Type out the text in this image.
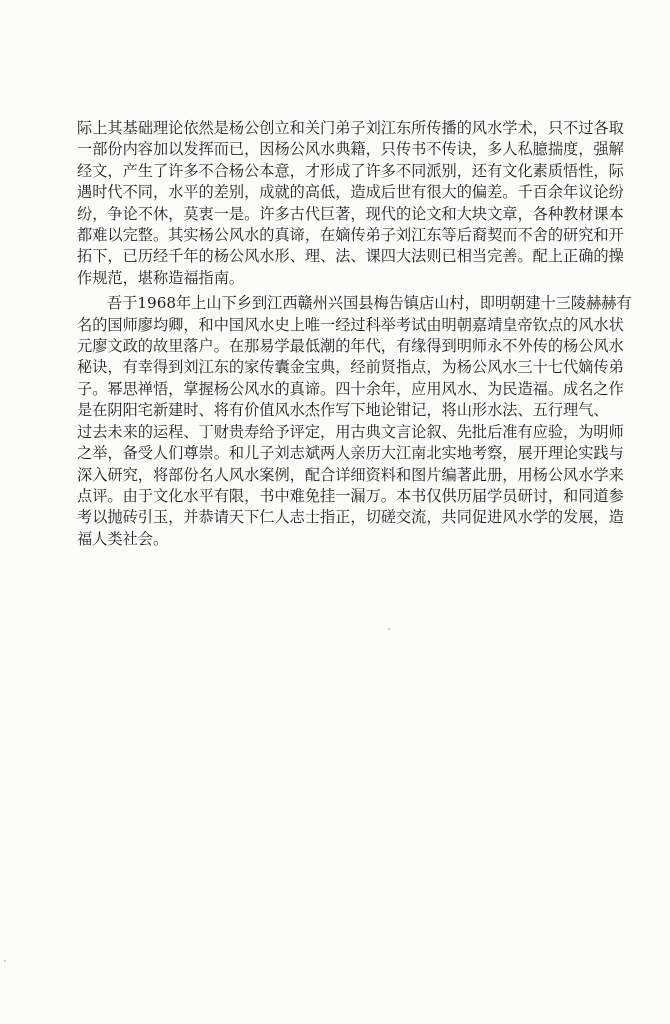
际上其基础理论依然是杨公创立和关门弟子刘江东所传播的风水学术，只不过各取
一部份内容加以发挥而已，因杨公风水典籍，只传书不传诀，多人私臆揣度，强解
经文，产生了许多不合杨公本意，才形成了许多不同派别，还有文化素质悟性，际
遇时代不同，水平的差别，成就的高低，造成后世有很大的偏差。千百余年议论纷
纷，争论不休，莫衷一是。许多古代巨著，现代的论文和大块文章，各种教材课本
都难以完整。其实杨公风水的真谛，在嫡传弟子刘江东等后裔契而不舍的研究和开
拓下，已历经千年的杨公风水形、理、法、课四大法则已相当完善。配上正确的操
作规范，堪称造福指南。
吾于1968年上山下乡到江西赣州兴国县梅告镇店山村，即明朝建十三陵赫赫有
名的国师廖均卿，和中国风水史上唯一经过科举考试由明朝嘉靖皇帝钦点的风水状
元廖文政的故里落户。在那易学最低潮的年代，有缘得到明师永不外传的杨公风水
秘诀，有幸得到刘江东的家传囊金宝典，经前贤指点，为杨公风水三十七代嫡传弟
子。幂思禅悟，掌握杨公风水的真谛。四十余年，应用风水、为民造福。成名之作
是在阴阳宅新建时、将有价值风水杰作写下地论钳记，将山形水法、五行理气、
过去未来的运程、丁财贵寿给予评定，用古典文言论叙、先批后准有应验，为明师
之举，备受人们尊崇。和儿子刘志斌两人亲历大江南北实地考察，展开理论实践与
深入研究，将部份名人风水案例，配合详细资料和图片编著此册，用杨公风水学来
点评。由于文化水平有限，书中难免挂一漏万。本书仅供历届学员研讨，和同道参
考以抛砖引玉，并恭请天下仁人志士指正，切磋交流，共同促进风水学的发展，造
福人类社会。
